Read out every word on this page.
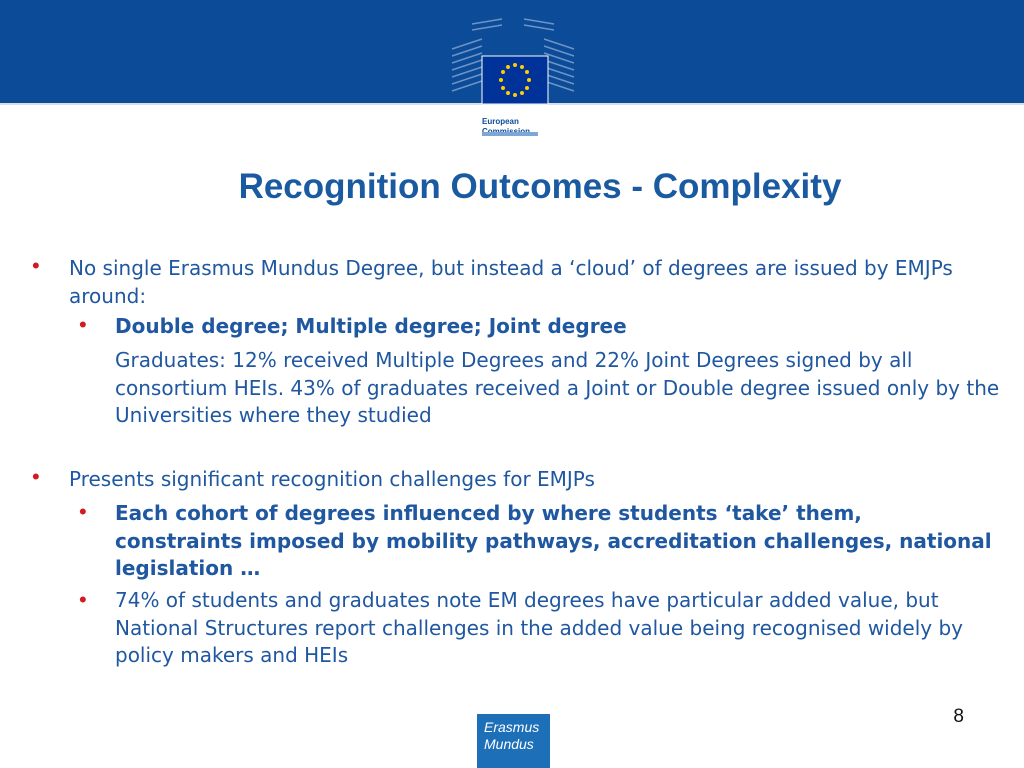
European

Recognition Outcomes - Complexity
• No single Erasmus Mundus Degree, but instead a ‘cloud’ of degrees are issued by EMJPs around:
• Double degree; Multiple degree; Joint degree
Graduates: 12% received Multiple Degrees and 22% Joint Degrees signed by all consortium HEIs. 43% of graduates received a Joint or Double degree issued only by the Universities where they studied
• Presents significant recognition challenges for EMJPs
• Each cohort of degrees influenced by where students ‘take’ them, constraints imposed by mobility pathways, accreditation challenges, national legislation …
• 74% of students and graduates note EM degrees have particular added value, but National Structures report challenges in the added value being recognised widely by policy makers and HEIs
8
Erasmus
Mundus
